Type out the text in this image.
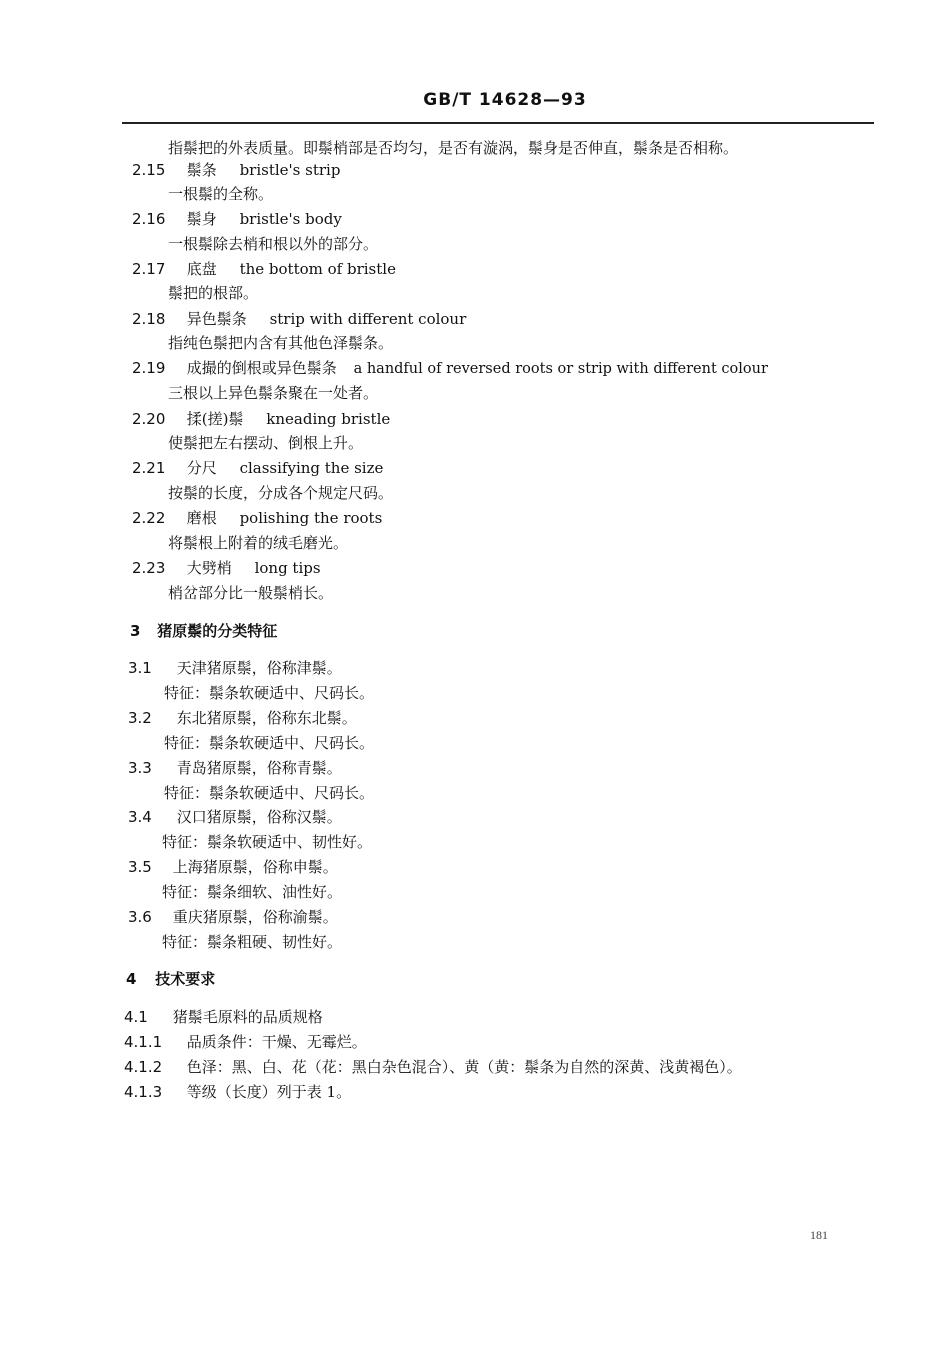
GB/T 14628—93
指鬃把的外表质量。即鬃梢部是否均匀，是否有漩涡，鬃身是否伸直，鬃条是否相称。
2.15 鬃条 bristle's strip
一根鬃的全称。
2.16 鬃身 bristle's body
一根鬃除去梢和根以外的部分。
2.17 底盘 the bottom of bristle
鬃把的根部。
2.18 异色鬃条 strip with different colour
指纯色鬃把内含有其他色泽鬃条。
2.19 成撮的倒根或异色鬃条 a handful of reversed roots or strip with different colour
三根以上异色鬃条聚在一处者。
2.20 揉(搓)鬃 kneading bristle
使鬃把左右摆动、倒根上升。
2.21 分尺 classifying the size
按鬃的长度，分成各个规定尺码。
2.22 磨根 polishing the roots
将鬃根上附着的绒毛磨光。
2.23 大劈梢 long tips
梢岔部分比一般鬃梢长。
3 猪原鬃的分类特征
3.1 天津猪原鬃，俗称津鬃。
特征：鬃条软硬适中、尺码长。
3.2 东北猪原鬃，俗称东北鬃。
特征：鬃条软硬适中、尺码长。
3.3 青岛猪原鬃，俗称青鬃。
特征：鬃条软硬适中、尺码长。
3.4 汉口猪原鬃，俗称汉鬃。
特征：鬃条软硬适中、韧性好。
3.5 上海猪原鬃，俗称申鬃。
特征：鬃条细软、油性好。
3.6 重庆猪原鬃，俗称渝鬃。
特征：鬃条粗硬、韧性好。
4 技术要求
4.1 猪鬃毛原料的品质规格
4.1.1 品质条件：干燥、无霉烂。
4.1.2 色泽：黑、白、花（花：黑白杂色混合）、黄（黄：鬃条为自然的深黄、浅黄褐色）。
4.1.3 等级（长度）列于表 1。
181
